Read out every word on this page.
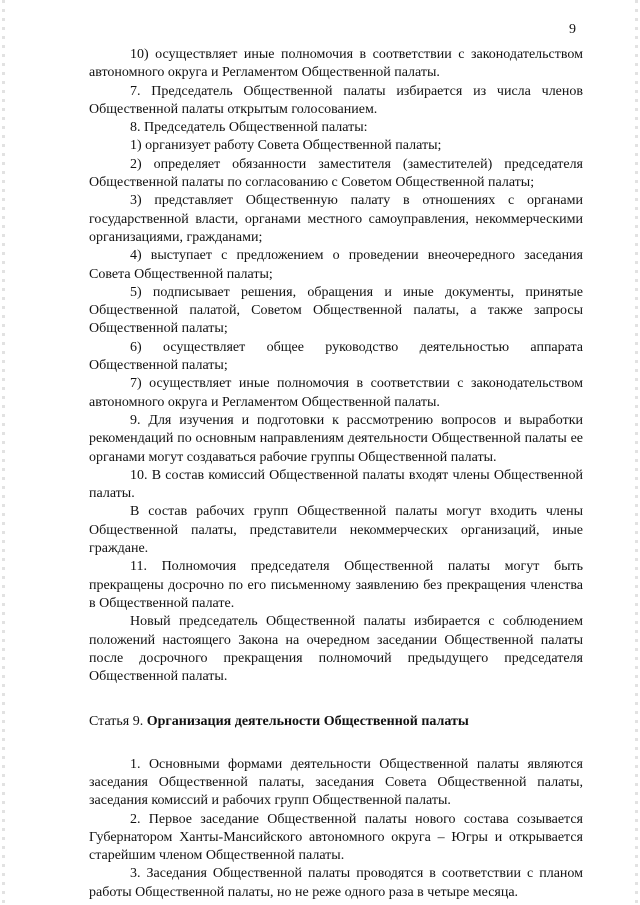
9

10) осуществляет иные полномочия в соответствии с законодательством автономного округа и Регламентом Общественной палаты.

7. Председатель Общественной палаты избирается из числа членов Общественной палаты открытым голосованием.

8. Председатель Общественной палаты:

1) организует работу Совета Общественной палаты;

2) определяет обязанности заместителя (заместителей) председателя Общественной палаты по согласованию с Советом Общественной палаты;

3) представляет Общественную палату в отношениях с органами государственной власти, органами местного самоуправления, некоммерческими организациями, гражданами;

4) выступает с предложением о проведении внеочередного заседания Совета Общественной палаты;

5) подписывает решения, обращения и иные документы, принятые Общественной палатой, Советом Общественной палаты, а также запросы Общественной палаты;

6) осуществляет общее руководство деятельностью аппарата Общественной палаты;

7) осуществляет иные полномочия в соответствии с законодательством автономного округа и Регламентом Общественной палаты.

9. Для изучения и подготовки к рассмотрению вопросов и выработки рекомендаций по основным направлениям деятельности Общественной палаты ее органами могут создаваться рабочие группы Общественной палаты.

10. В состав комиссий Общественной палаты входят члены Общественной палаты.

В состав рабочих групп Общественной палаты могут входить члены Общественной палаты, представители некоммерческих организаций, иные граждане.

11. Полномочия председателя Общественной палаты могут быть прекращены досрочно по его письменному заявлению без прекращения членства в Общественной палате.

Новый председатель Общественной палаты избирается с соблюдением положений настоящего Закона на очередном заседании Общественной палаты после досрочного прекращения полномочий предыдущего председателя Общественной палаты.

Статья 9. Организация деятельности Общественной палаты

1. Основными формами деятельности Общественной палаты являются заседания Общественной палаты, заседания Совета Общественной палаты, заседания комиссий и рабочих групп Общественной палаты.

2. Первое заседание Общественной палаты нового состава созывается Губернатором Ханты-Мансийского автономного округа – Югры и открывается старейшим членом Общественной палаты.

3. Заседания Общественной палаты проводятся в соответствии с планом работы Общественной палаты, но не реже одного раза в четыре месяца.
